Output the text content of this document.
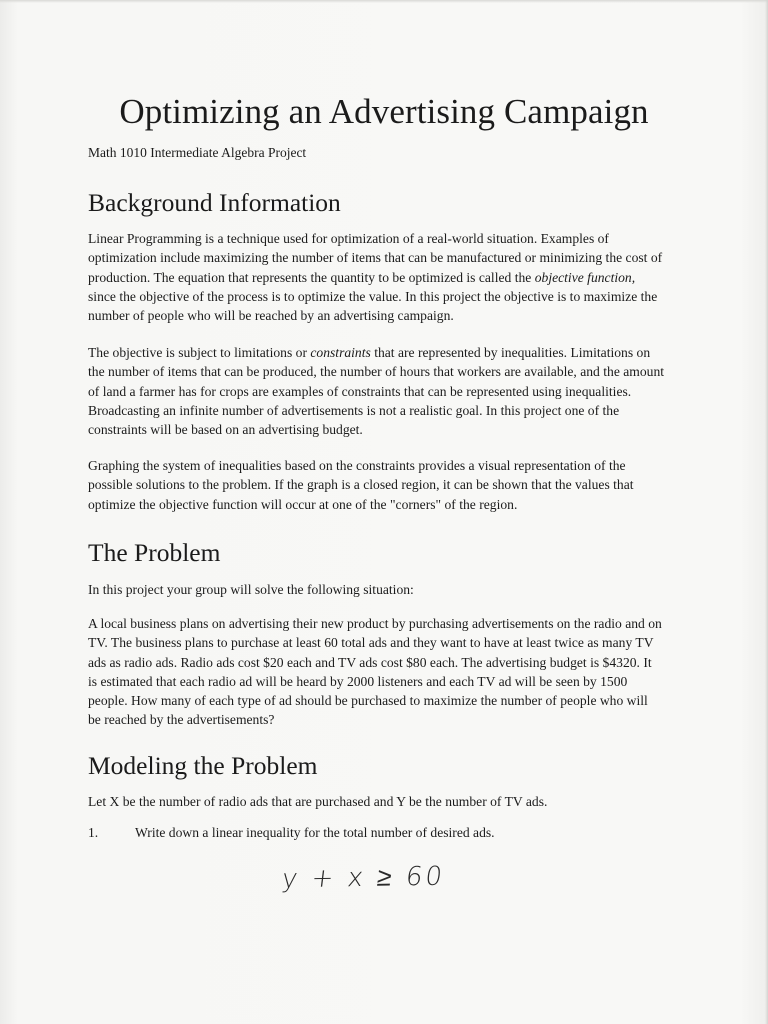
Optimizing an Advertising Campaign

Math 1010 Intermediate Algebra Project

Background Information

Linear Programming is a technique used for optimization of a real-world situation. Examples of
optimization include maximizing the number of items that can be manufactured or minimizing the cost of
production. The equation that represents the quantity to be optimized is called the objective function,
since the objective of the process is to optimize the value. In this project the objective is to maximize the
number of people who will be reached by an advertising campaign.

The objective is subject to limitations or constraints that are represented by inequalities. Limitations on
the number of items that can be produced, the number of hours that workers are available, and the amount
of land a farmer has for crops are examples of constraints that can be represented using inequalities.
Broadcasting an infinite number of advertisements is not a realistic goal. In this project one of the
constraints will be based on an advertising budget.

Graphing the system of inequalities based on the constraints provides a visual representation of the
possible solutions to the problem. If the graph is a closed region, it can be shown that the values that
optimize the objective function will occur at one of the "corners" of the region.

The Problem

In this project your group will solve the following situation:

A local business plans on advertising their new product by purchasing advertisements on the radio and on
TV. The business plans to purchase at least 60 total ads and they want to have at least twice as many TV
ads as radio ads. Radio ads cost $20 each and TV ads cost $80 each. The advertising budget is $4320. It
is estimated that each radio ad will be heard by 2000 listeners and each TV ad will be seen by 1500
people. How many of each type of ad should be purchased to maximize the number of people who will
be reached by the advertisements?

Modeling the Problem

Let X be the number of radio ads that are purchased and Y be the number of TV ads.

1.	Write down a linear inequality for the total number of desired ads.

y + x ≥ 60
